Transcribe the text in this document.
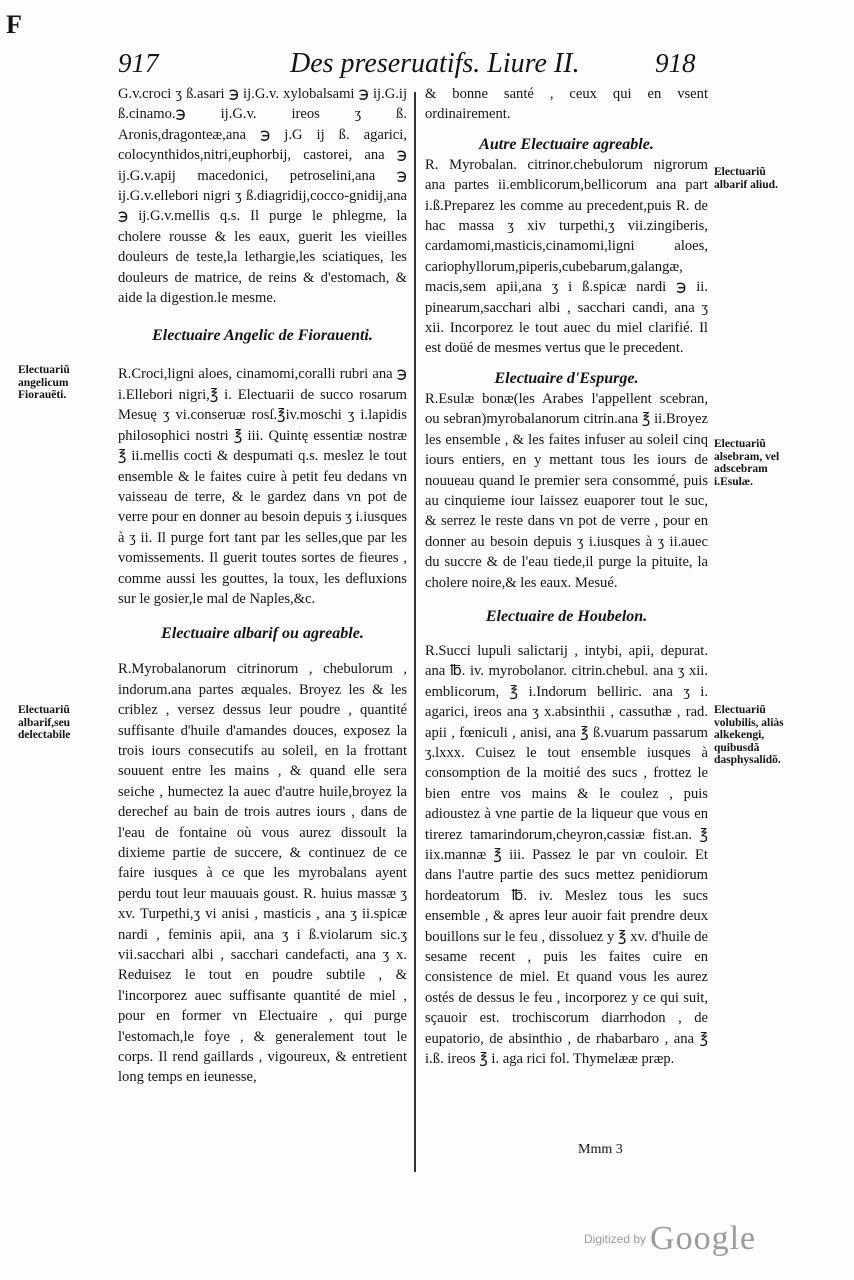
F
917	Des preseruatifs. Liure II.	918

G.v.croci ʒ ß.asari ℈ ij.G.v. xylobalsami ℈ ij.G.ij ß.cinamo.℈ ij.G.v. ireos ʒ ß. Aronis,dragonteæ,ana ℈ j.G ij ß. agarici, colocynthidos,nitri,euphorbij, castorei, ana ℈ ij.G.v.apij macedonici, petroselini,ana ℈ ij.G.v.ellebori nigri ʒ ß.diagridij,cocco-gnidij,ana ℈ ij.G.v.mellis q.s. Il purge le phlegme, la cholere rousse & les eaux, guerit les vieilles douleurs de teste,la lethargie,les sciatiques, les douleurs de matrice, de reins & d'estomach, & aide la digestion.le mesme.

Electuaire Angelic de Fiorauenti.

R.Croci,ligni aloes, cinamomi,coralli rubri ana ℈ i.Ellebori nigri,℥ i. Electuarii de succo rosarum Mesuę ʒ vi.conseruæ rosſ.℥iv.moschi ʒ i.lapidis philosophici nostri ℥ iii. Quintę essentiæ nostræ ℥ ii.mellis cocti & despumati q.s. meslez le tout ensemble & le faites cuire à petit feu dedans vn vaisseau de terre, & le gardez dans vn pot de verre pour en donner au besoin depuis ʒ i.iusques à ʒ ii. Il purge fort tant par les selles,que par les vomissements. Il guerit toutes sortes de fieures , comme aussi les gouttes, la toux, les defluxions sur le gosier,le mal de Naples,&c.

Electuaire albarif ou agreable.

R.Myrobalanorum citrinorum , chebulorum , indorum.ana partes æquales. Broyez les & les criblez , versez dessus leur poudre , quantité suffisante d'huile d'amandes douces, exposez la trois iours consecutifs au soleil, en la frottant souuent entre les mains , & quand elle sera seiche , humectez la auec d'autre huile,broyez la derechef au bain de trois autres iours , dans de l'eau de fontaine où vous aurez dissoult la dixieme partie de succere, & continuez de ce faire iusques à ce que les myrobalans ayent perdu tout leur mauuais goust. R. huius massæ ʒ xv. Turpethi,ʒ vi anisi , masticis , ana ʒ ii.spicæ nardi , feminis apii, ana ʒ i ß.violarum sic.ʒ vii.sacchari albi , sacchari candefacti, ana ʒ x. Reduisez le tout en poudre subtile , & l'incorporez auec suffisante quantité de miel , pour en former vn Electuaire , qui purge l'estomach,le foye , & generalement tout le corps. Il rend gaillards , vigoureux, & entretient long temps en ieunesse,

& bonne santé , ceux qui en vsent ordinairement.

Autre Electuaire agreable.

R. Myrobalan. citrinor.chebulorum nigrorum ana partes ii.emblicorum,bellicorum ana part i.ß.Preparez les comme au precedent,puis R. de hac massa ʒ xiv turpethi,ʒ vii.zingiberis, cardamomi,masticis,cinamomi,ligni aloes, cariophyllorum,piperis,cubebarum,galangæ, macis,sem apii,ana ʒ i ß.spicæ nardi ℈ ii. pinearum,sacchari albi , sacchari candi, ana ʒ xii. Incorporez le tout auec du miel clarifié. Il est doüé de mesmes vertus que le precedent.

Electuaire d'Espurge.

R.Esulæ bonæ(les Arabes l'appellent scebran, ou sebran)myrobalanorum citrin.ana ℥ ii.Broyez les ensemble , & les faites infuser au soleil cinq iours entiers, en y mettant tous les iours de nouueau quand le premier sera consommé, puis au cinquieme iour laissez euaporer tout le suc, & serrez le reste dans vn pot de verre , pour en donner au besoin depuis ʒ i.iusques à ʒ ii.auec du succre & de l'eau tiede,il purge la pituite, la cholere noire,& les eaux. Mesué.

Electuaire de Houbelon.

R.Succi lupuli salictarij , intybi, apii, depurat. ana ℔. iv. myrobolanor. citrin.chebul. ana ʒ xii. emblicorum, ℥ i.Indorum belliric. ana ʒ i. agarici, ireos ana ʒ x.absinthii , cassuthæ , rad. apii , fœniculi , anisi, ana ℥ ß.vuarum passarum ʒ.lxxx. Cuisez le tout ensemble iusques à consomption de la moitié des sucs , frottez le bien entre vos mains & le coulez , puis adioustez à vne partie de la liqueur que vous en tirerez tamarindorum,cheyron,cassiæ fist.an. ℥ iix.mannæ ℥ iii. Passez le par vn couloir. Et dans l'autre partie des sucs mettez penidiorum hordeatorum ℔. iv. Meslez tous les sucs ensemble , & apres leur auoir fait prendre deux bouillons sur le feu , dissoluez y ℥ xv. d'huile de sesame recent , puis les faites cuire en consistence de miel. Et quand vous les aurez ostés de dessus le feu , incorporez y ce qui suit, sçauoir est. trochiscorum diarrhodon , de eupatorio, de absinthio , de rhabarbaro , ana ℥ i.ß. ireos ℥ i. aga rici fol. Thymelææ præp.

Electuariũ angelicum Fiorauẽti.
Electuariũ albarif,seu delectabile
Electuariũ albarif aliud.
Electuariũ alsebram, vel adscebram i.Esulæ.
Electuariũ volubilis, aliàs alkekengi, quibusdã dasphysalidõ.
Mmm 3
Digitized by Google
